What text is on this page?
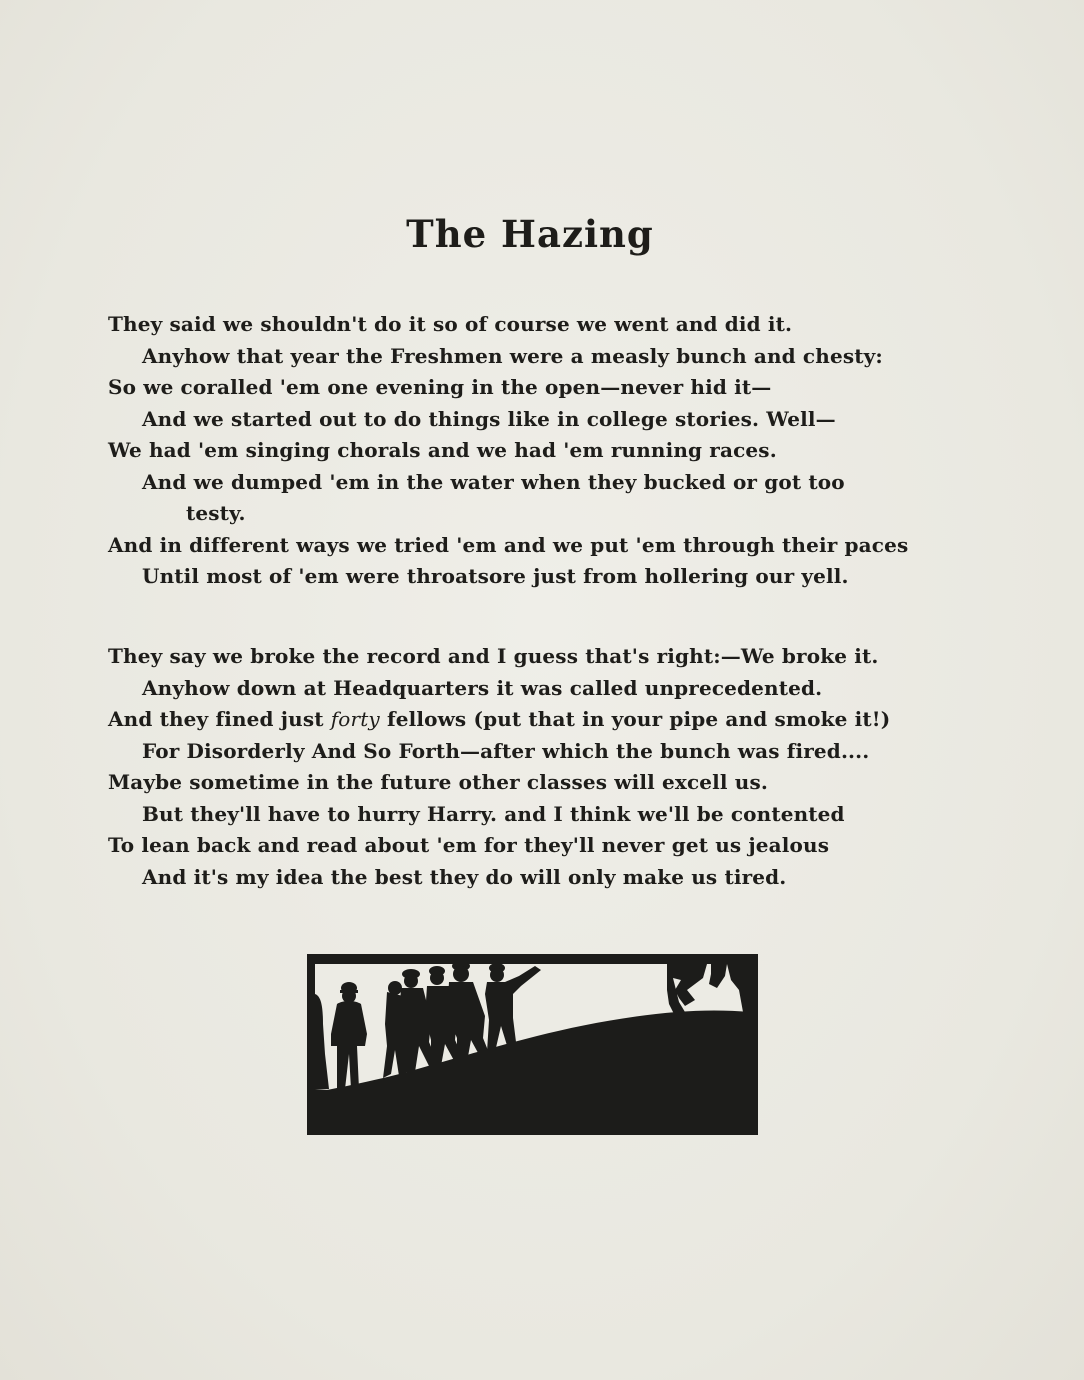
The Hazing
They said we shouldn't do it so of course we went and did it.
Anyhow that year the Freshmen were a measly bunch and chesty:
So we coralled 'em one evening in the open—never hid it—
And we started out to do things like in college stories. Well—
We had 'em singing chorals and we had 'em running races.
And we dumped 'em in the water when they bucked or got too
testy.
And in different ways we tried 'em and we put 'em through their paces
Until most of 'em were throatsore just from hollering our yell.
They say we broke the record and I guess that's right:—We broke it.
Anyhow down at Headquarters it was called unprecedented.
And they fined just forty fellows (put that in your pipe and smoke it!)
For Disorderly And So Forth—after which the bunch was fired....
Maybe sometime in the future other classes will excell us.
But they'll have to hurry Harry. and I think we'll be contented
To lean back and read about 'em for they'll never get us jealous
And it's my idea the best they do will only make us tired.
